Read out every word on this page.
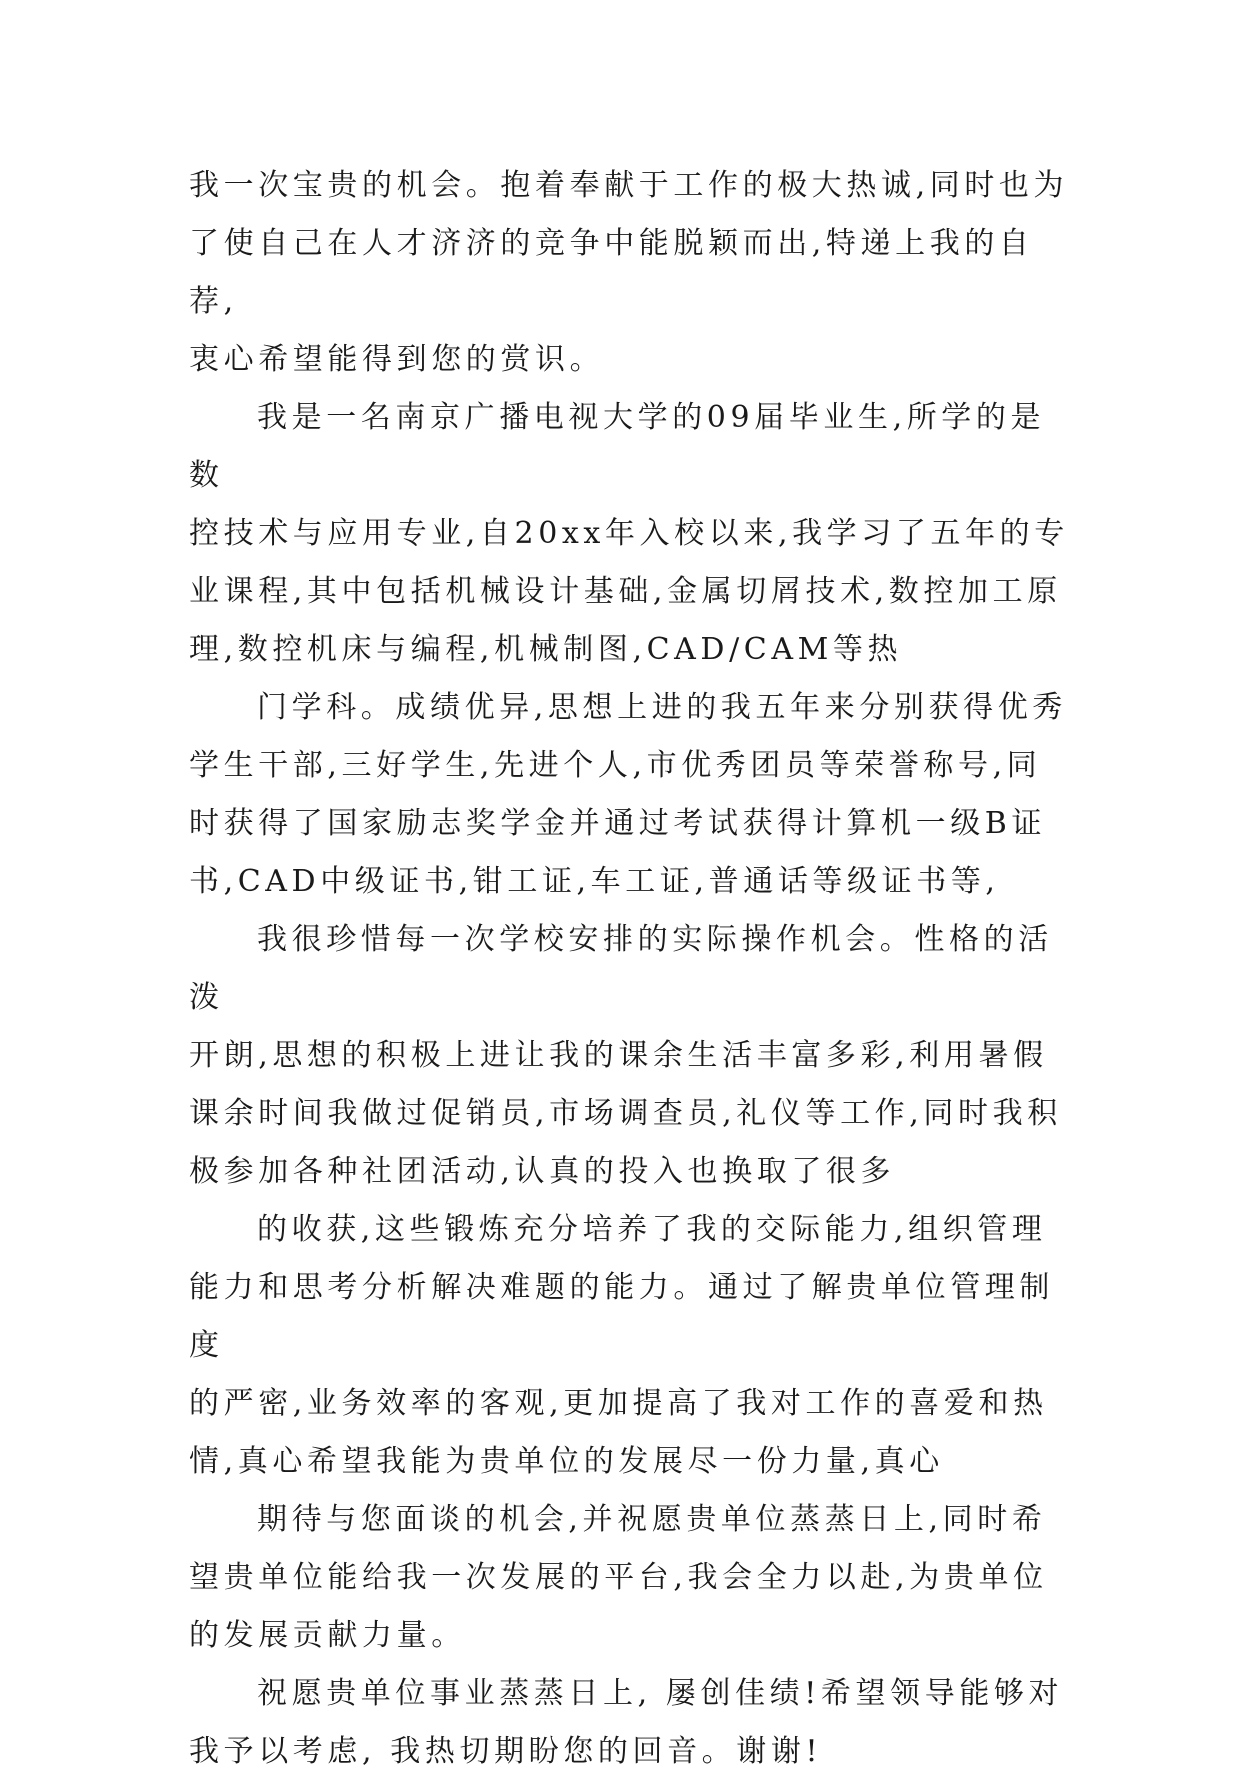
我一次宝贵的机会。抱着奉献于工作的极大热诚,同时也为
了使自己在人才济济的竞争中能脱颖而出,特递上我的自荐,
衷心希望能得到您的赏识。

我是一名南京广播电视大学的09届毕业生,所学的是数
控技术与应用专业,自20xx年入校以来,我学习了五年的专
业课程,其中包括机械设计基础,金属切屑技术,数控加工原
理,数控机床与编程,机械制图,CAD/CAM等热

门学科。成绩优异,思想上进的我五年来分别获得优秀
学生干部,三好学生,先进个人,市优秀团员等荣誉称号,同
时获得了国家励志奖学金并通过考试获得计算机一级B证
书,CAD中级证书,钳工证,车工证,普通话等级证书等,

我很珍惜每一次学校安排的实际操作机会。性格的活泼
开朗,思想的积极上进让我的课余生活丰富多彩,利用暑假
课余时间我做过促销员,市场调查员,礼仪等工作,同时我积
极参加各种社团活动,认真的投入也换取了很多

的收获,这些锻炼充分培养了我的交际能力,组织管理
能力和思考分析解决难题的能力。通过了解贵单位管理制度
的严密,业务效率的客观,更加提高了我对工作的喜爱和热
情,真心希望我能为贵单位的发展尽一份力量,真心

期待与您面谈的机会,并祝愿贵单位蒸蒸日上,同时希
望贵单位能给我一次发展的平台,我会全力以赴,为贵单位
的发展贡献力量。

祝愿贵单位事业蒸蒸日上, 屡创佳绩!希望领导能够对
我予以考虑, 我热切期盼您的回音。谢谢!
